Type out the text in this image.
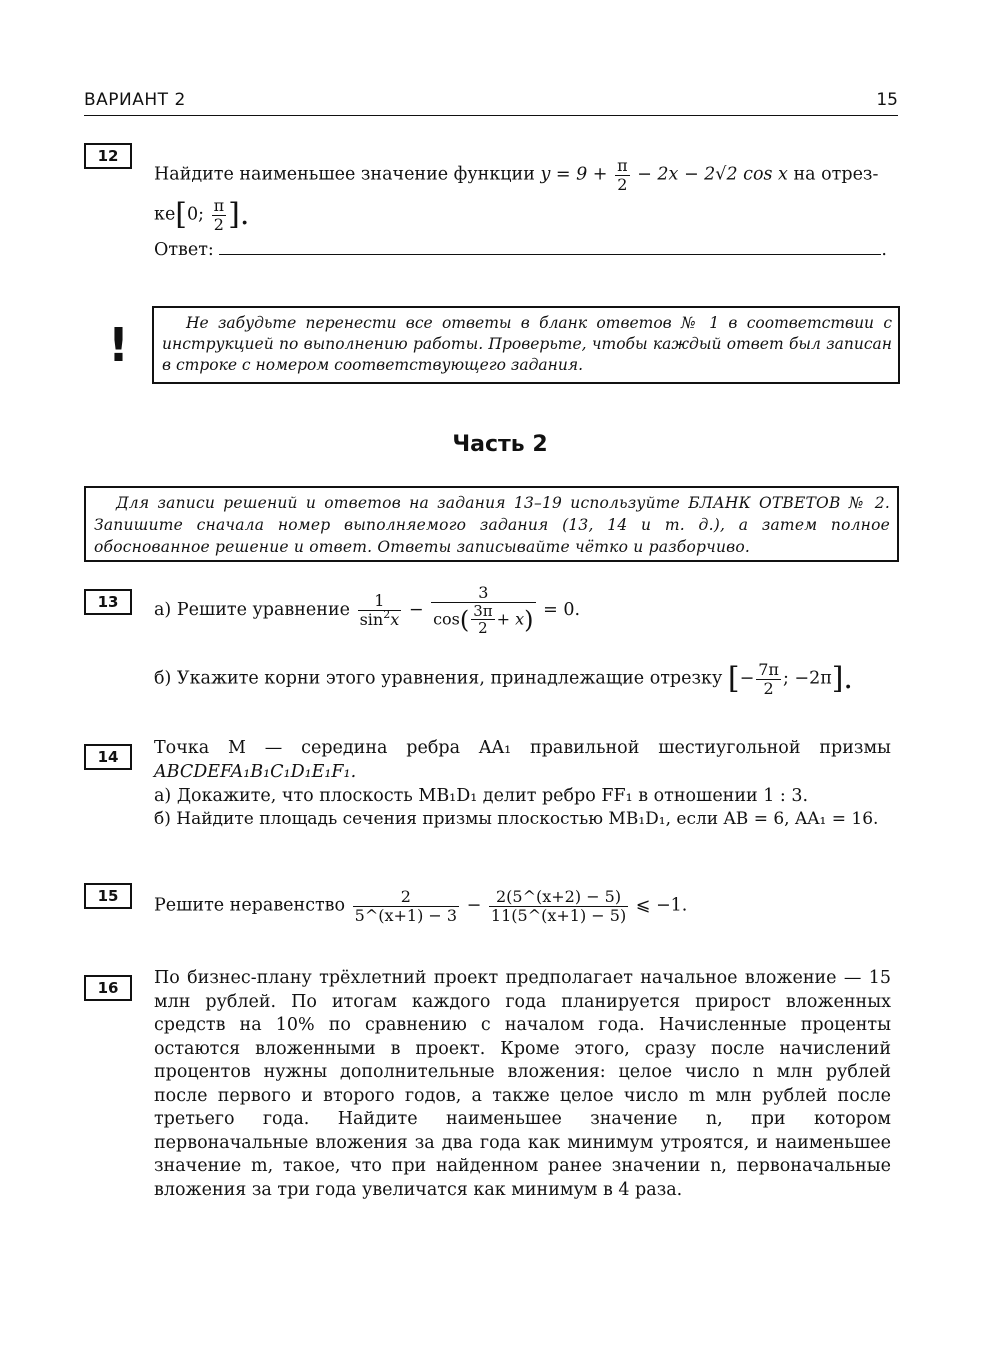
ВАРИАНТ 2	15
12
Найдите наименьшее значение функции $y = 9 + \frac{\pi}{2} - 2x - 2√2$ cos x на отрез-
ке[0; $\frac{\pi}{2}$ ].
Ответ:	.
!	Не забудьте перенести все ответы в бланк ответов № 1 в соответствии с инструкцией по выполнению работы. Проверьте, чтобы каждый ответ был записан в строке с номером соответствующего задания.
Часть 2
Для записи решений и ответов на задания 13–19 используйте БЛАНК ОТВЕТОВ № 2. Запишите сначала номер выполняемого задания (13, 14 и т. д.), а затем полное обоснованное решение и ответ. Ответы записывайте чётко и разборчиво.
13	а) Решите уравнение $\frac{1}{\sin^2x} - \frac{3}{\cos( \frac{3\pi}{2} + x)} = 0$.
б) Укажите корни этого уравнения, принадлежащие отрезку [− $\frac{7\pi}{2}$ ; −2π].
14	Точка M — середина ребра AA₁ правильной шестиугольной призмы
ABCDEFA₁B₁C₁D₁E₁F₁.
а) Докажите, что плоскость MB₁D₁ делит ребро FF₁ в отношении 1 : 3.
б) Найдите площадь сечения призмы плоскостью MB₁D₁, если AB = 6, AA₁ = 16.
15	Решите неравенство $\frac{2}{5\^{}(x+1) - 3} - \frac{2(5\^{}(x+2) - 5)}{11(5\^{}(x+1) - 5)}$ ⩽ −1.
16	По бизнес-плану трёхлетний проект предполагает начальное вложение — 15 млн рублей. По итогам каждого года планируется прирост вложенных средств на 10% по сравнению с началом года. Начисленные проценты остаются вложенными в проект. Кроме этого, сразу после начислений процентов нужны дополнительные вложения: целое число n млн рублей после первого и второго годов, а также целое число m млн рублей после третьего года. Найдите наименьшее значение n, при котором первоначальные вложения за два года как минимум утроятся, и наименьшее значение m, такое, что при найденном ранее значении n, первоначальные вложения за три года увеличатся как минимум в 4 раза.
